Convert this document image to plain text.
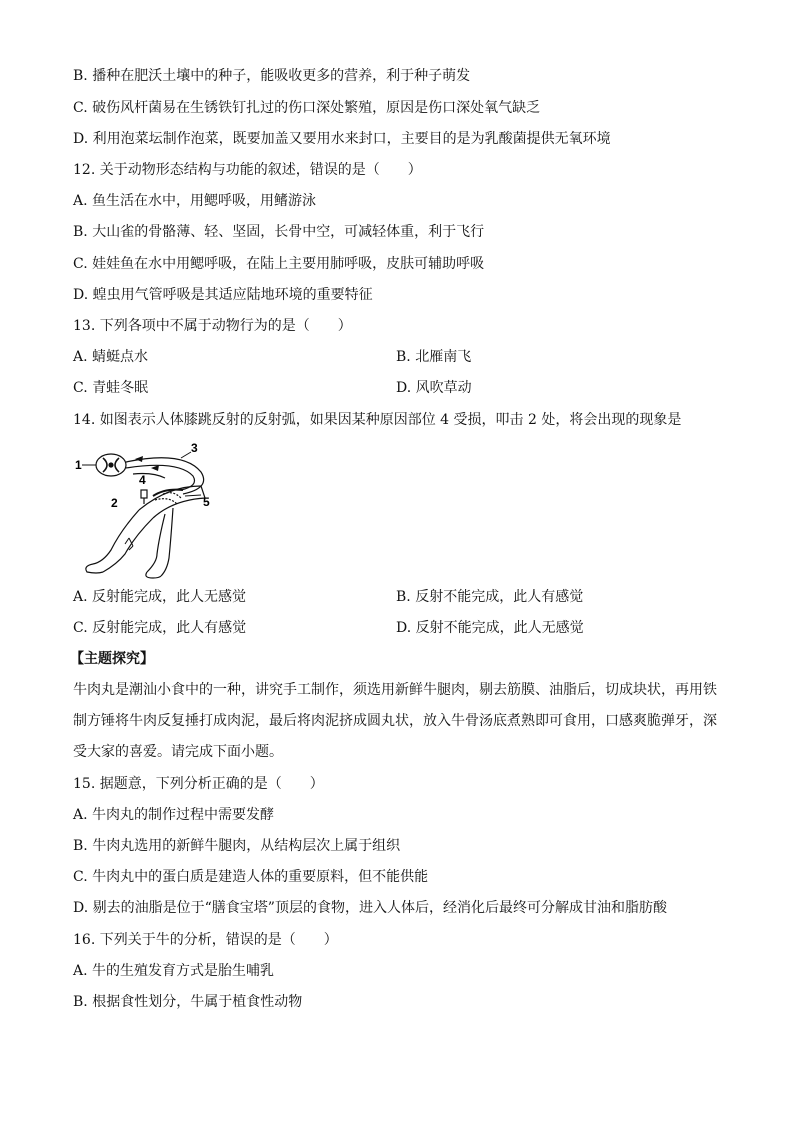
B. 播种在肥沃土壤中的种子，能吸收更多的营养，利于种子萌发
C. 破伤风杆菌易在生锈铁钉扎过的伤口深处繁殖，原因是伤口深处氧气缺乏
D. 利用泡菜坛制作泡菜，既要加盖又要用水来封口，主要目的是为乳酸菌提供无氧环境
12. 关于动物形态结构与功能的叙述，错误的是（　　）
A. 鱼生活在水中，用鳃呼吸，用鳍游泳
B. 大山雀的骨骼薄、轻、坚固，长骨中空，可减轻体重，利于飞行
C. 娃娃鱼在水中用鳃呼吸，在陆上主要用肺呼吸，皮肤可辅助呼吸
D. 蝗虫用气管呼吸是其适应陆地环境的重要特征
13. 下列各项中不属于动物行为的是（　　）
A. 蜻蜓点水	B. 北雁南飞
C. 青蛙冬眠	D. 风吹草动
14. 如图表示人体膝跳反射的反射弧，如果因某种原因部位 4 受损，叩击 2 处，将会出现的现象是
1
2
3
4
5
A. 反射能完成，此人无感觉	B. 反射不能完成，此人有感觉
C. 反射能完成，此人有感觉	D. 反射不能完成，此人无感觉
【主题探究】
牛肉丸是潮汕小食中的一种，讲究手工制作，须选用新鲜牛腿肉，剔去筋膜、油脂后，切成块状，再用铁
制方锤将牛肉反复捶打成肉泥，最后将肉泥挤成圆丸状，放入牛骨汤底煮熟即可食用，口感爽脆弹牙，深
受大家的喜爱。请完成下面小题。
15. 据题意，下列分析正确的是（　　）
A. 牛肉丸的制作过程中需要发酵
B. 牛肉丸选用的新鲜牛腿肉，从结构层次上属于组织
C. 牛肉丸中的蛋白质是建造人体的重要原料，但不能供能
D. 剔去的油脂是位于“膳食宝塔”顶层的食物，进入人体后，经消化后最终可分解成甘油和脂肪酸
16. 下列关于牛的分析，错误的是（　　）
A. 牛的生殖发育方式是胎生哺乳
B. 根据食性划分，牛属于植食性动物
